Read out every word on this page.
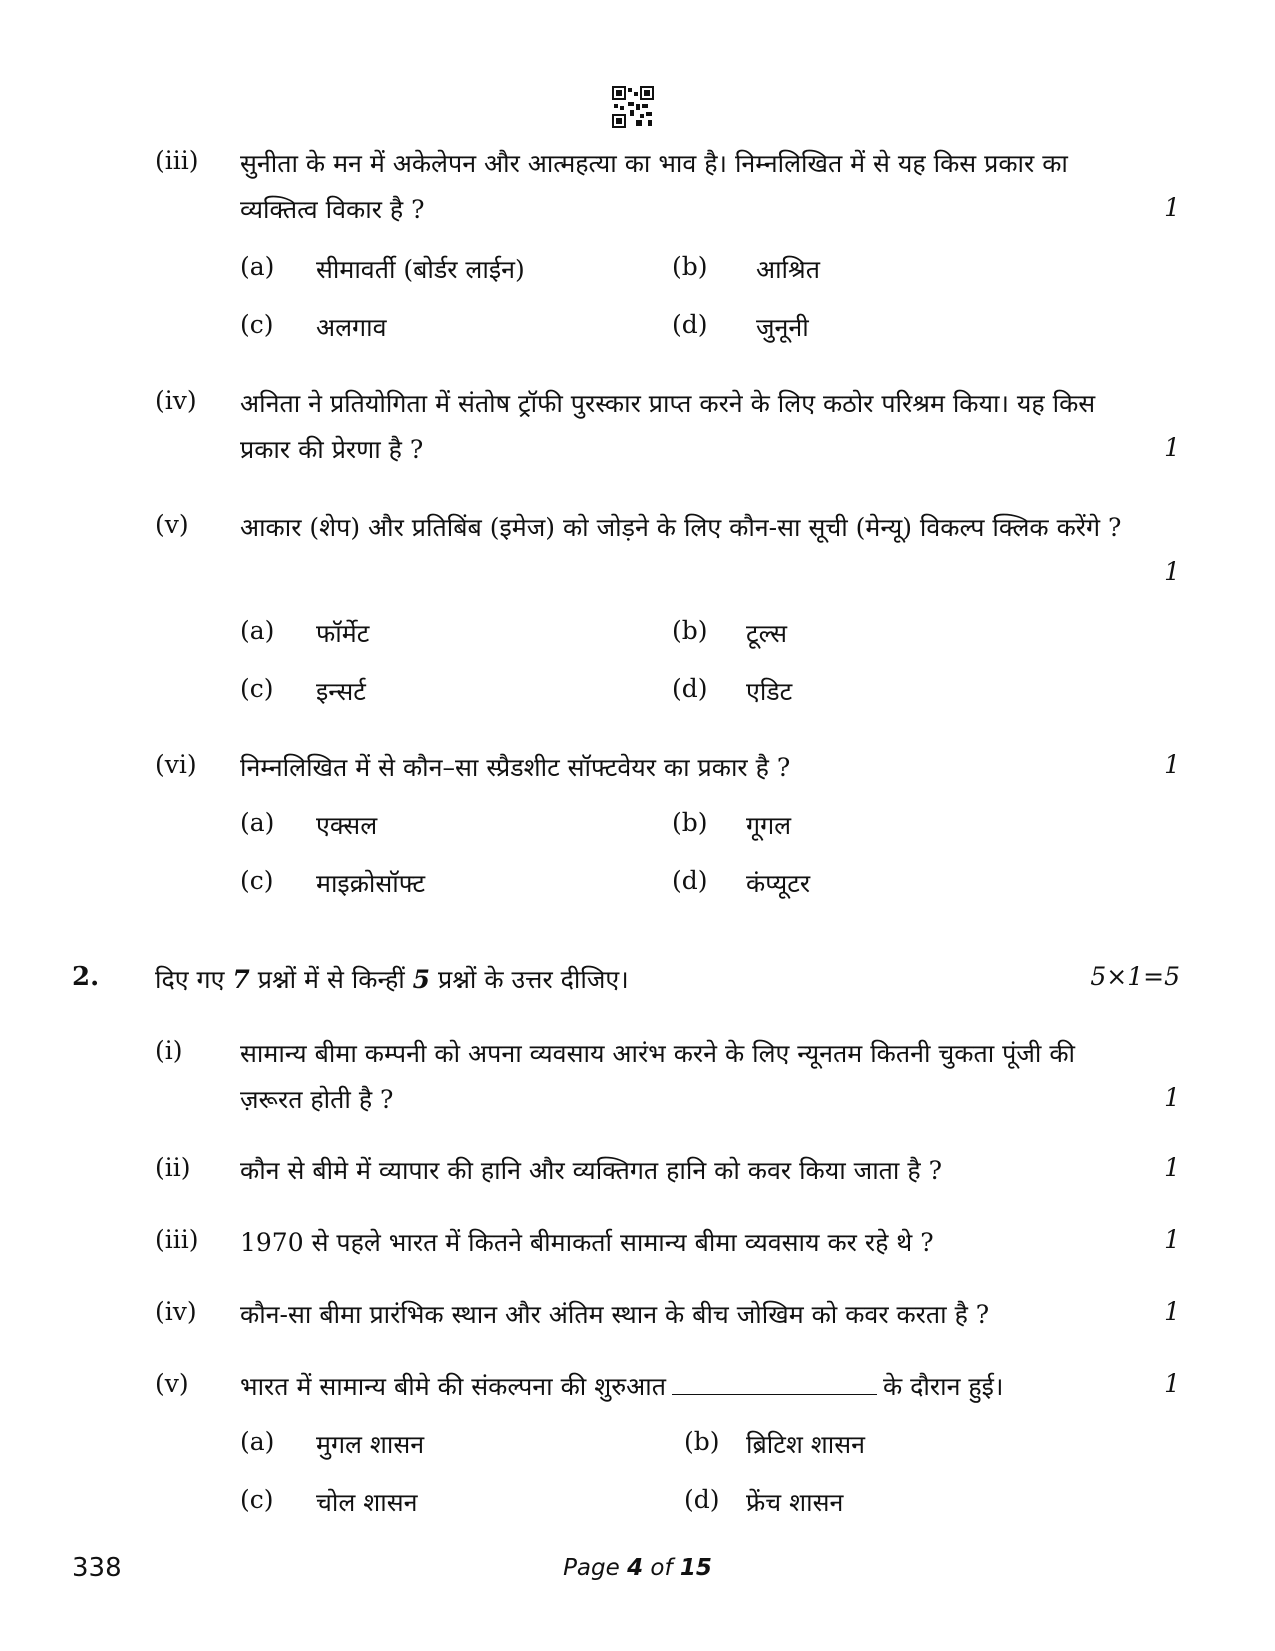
(iii) सुनीता के मन में अकेलेपन और आत्महत्या का भाव है। निम्नलिखित में से यह किस प्रकार का व्यक्तित्व विकार है ?	1
(a) सीमावर्ती (बोर्डर लाईन)	(b) आश्रित
(c) अलगाव	(d) जुनूनी
(iv) अनिता ने प्रतियोगिता में संतोष ट्रॉफी पुरस्कार प्राप्त करने के लिए कठोर परिश्रम किया। यह किस प्रकार की प्रेरणा है ?	1
(v) आकार (शेप) और प्रतिबिंब (इमेज) को जोड़ने के लिए कौन-सा सूची (मेन्यू) विकल्प क्लिक करेंगे ?
1
(a) फॉर्मेट	(b) टूल्स
(c) इन्सर्ट	(d) एडिट
(vi) निम्नलिखित में से कौन–सा स्प्रैडशीट सॉफ्टवेयर का प्रकार है ?	1
(a) एक्सल	(b) गूगल
(c) माइक्रोसॉफ्ट	(d) कंप्यूटर
2. दिए गए 7 प्रश्नों में से किन्हीं 5 प्रश्नों के उत्तर दीजिए।	5×1=5
(i) सामान्य बीमा कम्पनी को अपना व्यवसाय आरंभ करने के लिए न्यूनतम कितनी चुकता पूंजी की ज़रूरत होती है ?	1
(ii) कौन से बीमे में व्यापार की हानि और व्यक्तिगत हानि को कवर किया जाता है ?	1
(iii) 1970 से पहले भारत में कितने बीमाकर्ता सामान्य बीमा व्यवसाय कर रहे थे ?	1
(iv) कौन-सा बीमा प्रारंभिक स्थान और अंतिम स्थान के बीच जोखिम को कवर करता है ?	1
(v) भारत में सामान्य बीमे की संकल्पना की शुरुआत	के दौरान हुई।	1
(a) मुगल शासन	(b) ब्रिटिश शासन
(c) चोल शासन	(d) फ्रेंच शासन
338	Page 4 of 15
